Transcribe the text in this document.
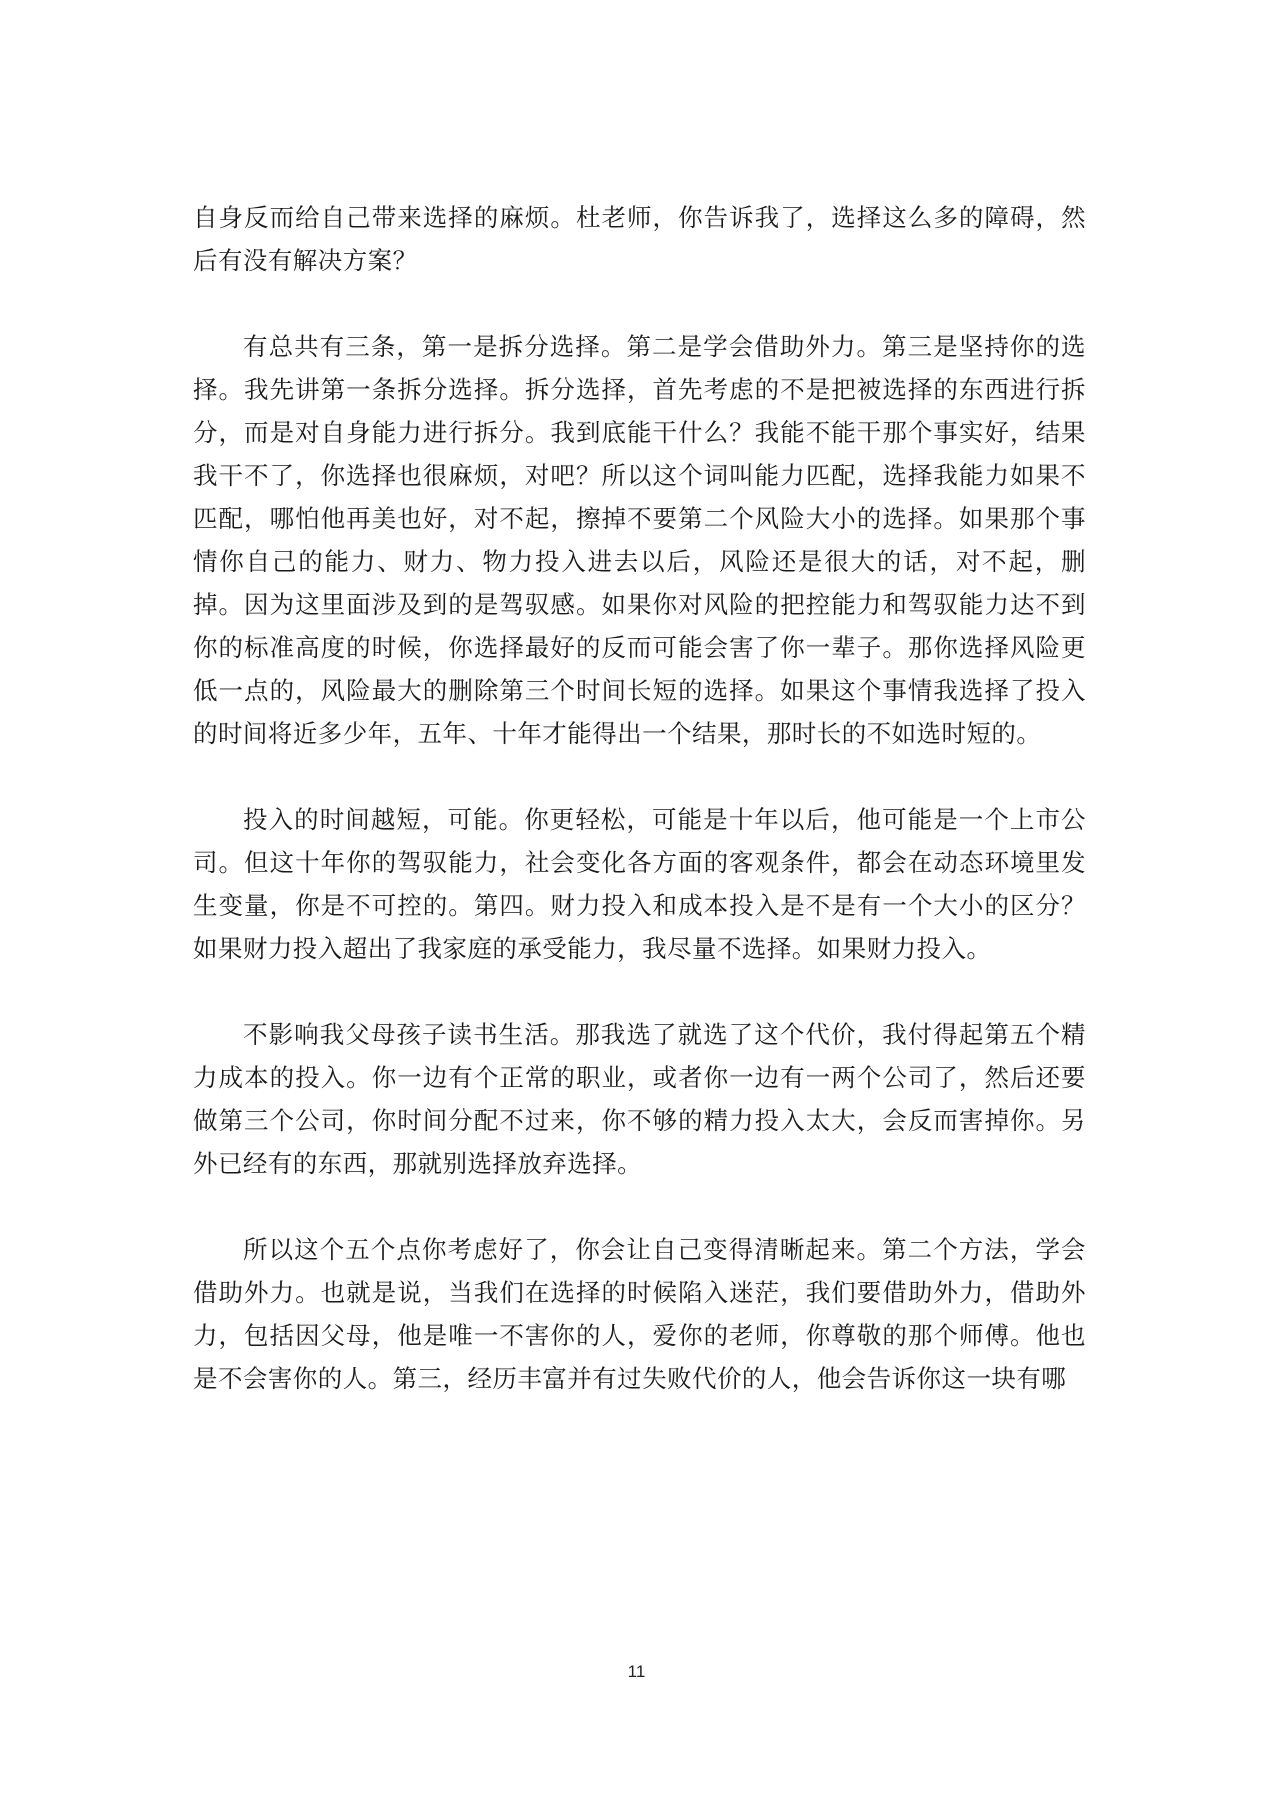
自身反而给自己带来选择的麻烦。杜老师，你告诉我了，选择这么多的障碍，然后有没有解决方案？

有总共有三条，第一是拆分选择。第二是学会借助外力。第三是坚持你的选择。我先讲第一条拆分选择。拆分选择，首先考虑的不是把被选择的东西进行拆分，而是对自身能力进行拆分。我到底能干什么？我能不能干那个事实好，结果我干不了，你选择也很麻烦，对吧？所以这个词叫能力匹配，选择我能力如果不匹配，哪怕他再美也好，对不起，擦掉不要第二个风险大小的选择。如果那个事情你自己的能力、财力、物力投入进去以后，风险还是很大的话，对不起，删掉。因为这里面涉及到的是驾驭感。如果你对风险的把控能力和驾驭能力达不到你的标准高度的时候，你选择最好的反而可能会害了你一辈子。那你选择风险更低一点的，风险最大的删除第三个时间长短的选择。如果这个事情我选择了投入的时间将近多少年，五年、十年才能得出一个结果，那时长的不如选时短的。

投入的时间越短，可能。你更轻松，可能是十年以后，他可能是一个上市公司。但这十年你的驾驭能力，社会变化各方面的客观条件，都会在动态环境里发生变量，你是不可控的。第四。财力投入和成本投入是不是有一个大小的区分？如果财力投入超出了我家庭的承受能力，我尽量不选择。如果财力投入。

不影响我父母孩子读书生活。那我选了就选了这个代价，我付得起第五个精力成本的投入。你一边有个正常的职业，或者你一边有一两个公司了，然后还要做第三个公司，你时间分配不过来，你不够的精力投入太大，会反而害掉你。另外已经有的东西，那就别选择放弃选择。

所以这个五个点你考虑好了，你会让自己变得清晰起来。第二个方法，学会借助外力。也就是说，当我们在选择的时候陷入迷茫，我们要借助外力，借助外力，包括因父母，他是唯一不害你的人，爱你的老师，你尊敬的那个师傅。他也是不会害你的人。第三，经历丰富并有过失败代价的人，他会告诉你这一块有哪

11
